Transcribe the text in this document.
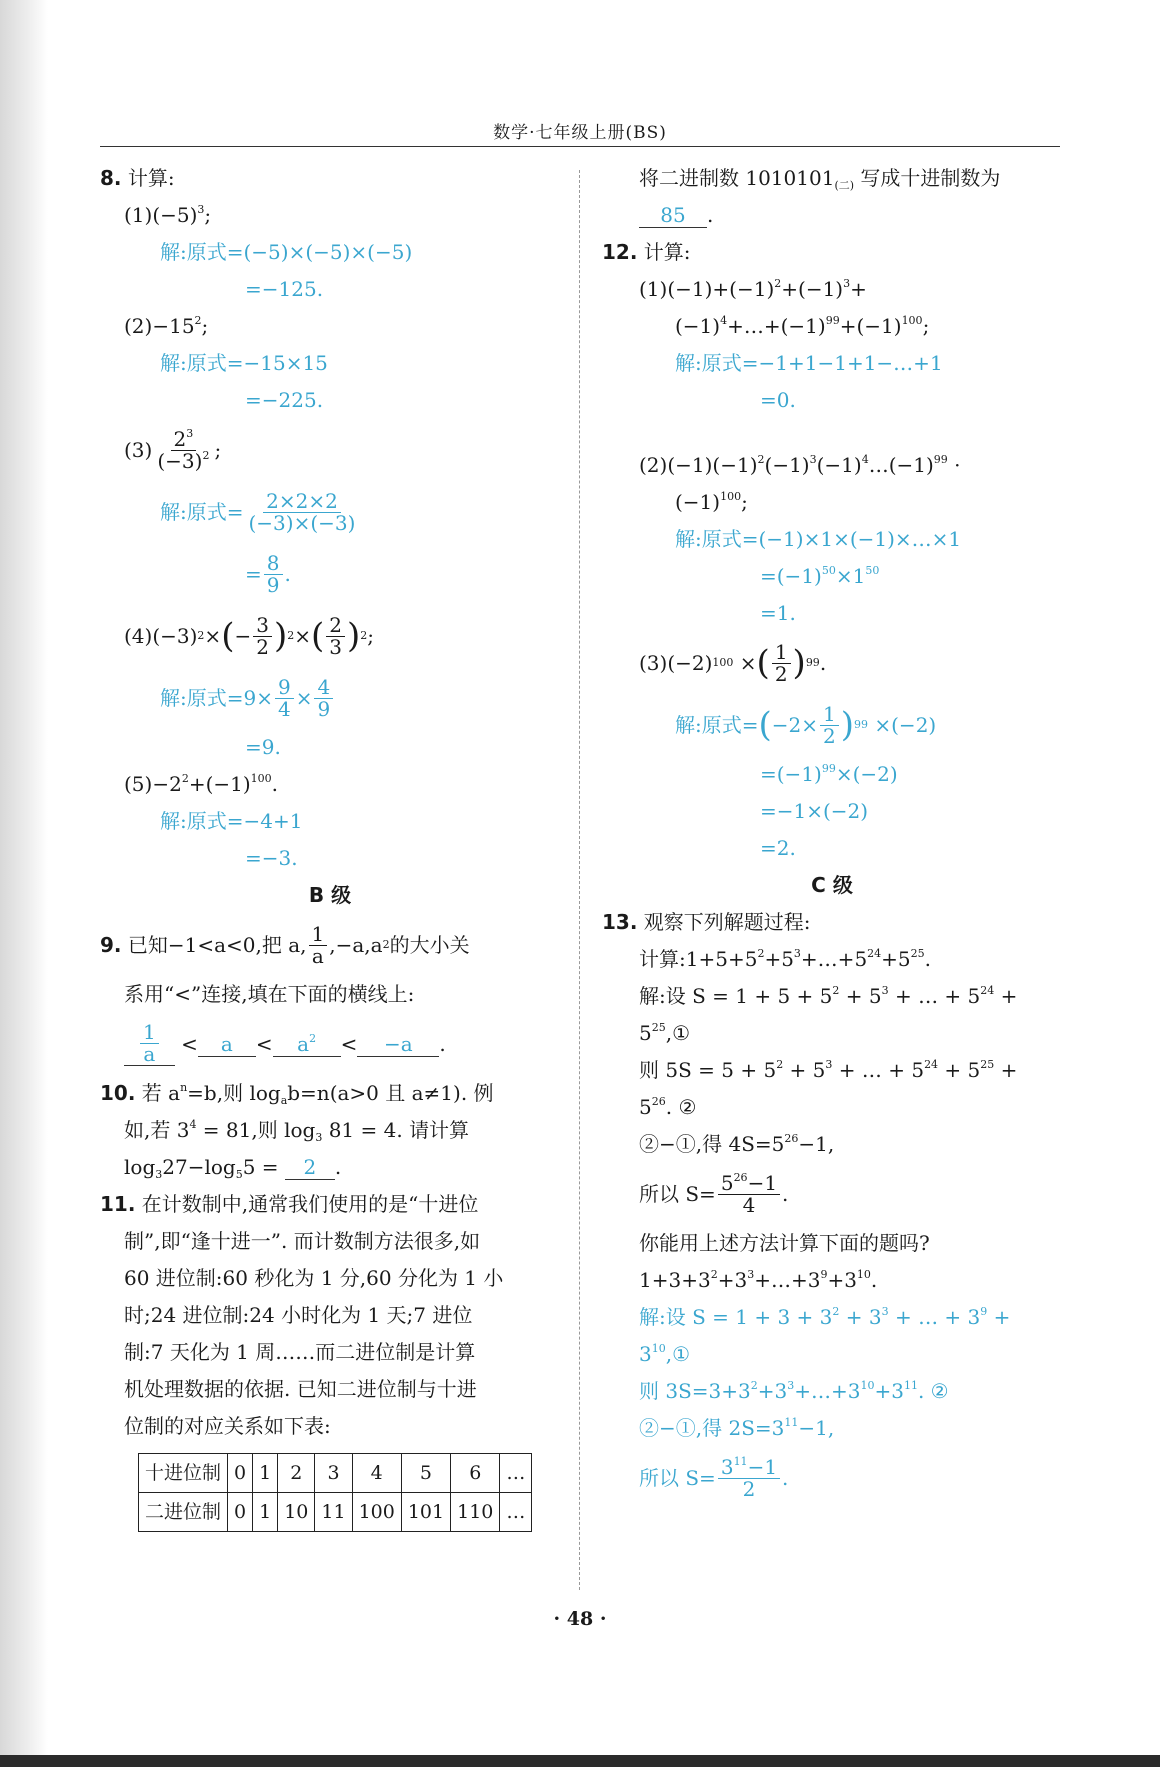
数学·七年级上册(BS)
8. 计算:
$(1)(-5)^3$;
解:原式=(−5)×(−5)×(−5)
=−125.
$(2)-15^2$;
解:原式=−15×15
=−225.
$(3) \frac{2^3}{(-3)^2}$ ;
解:原式= $\frac{2\times 2\times 2}{(-3)\times(-3)}$
= $\frac{8}{9}$ .
(4)(−3) 2 × ( − $\frac{3}{2}$ ) 2 × ( $\frac{2}{3}$ ) 2 ;
解:原式$=9\times \frac{9}{4} \times \frac{4}{9}$
=9.
$(5)-2^2+(-1)^{100}$.
解:原式=−4+1
=−3.
B 级
9.
已知−1<a<0,把 a, $\frac{1}{a} ,-a,a$ 2 的大小关
系用“<”连接,填在下面的横线上:
$\frac{1}{a}$
<	a	<	$a^2$	<	−a	.
10. 若 $a^n=b$,则 $\log_ab=n(a>0$ 且 a≠1). 例
如,若 $3^4 = 81$,则 $\log_3 81 = 4$. 请计算
$\log_327-\log_55 = 2$ .
11. 在计数制中,通常我们使用的是“十进位
制”,即“逢十进一”. 而计数制方法很多,如
60 进位制:60 秒化为 1 分,60 分化为 1 小
时;24 进位制:24 小时化为 1 天;7 进位
制:7 天化为 1 周……而二进位制是计算
机处理数据的依据. 已知二进位制与十进
位制的对应关系如下表:
十进位制	0	1	2	3	4	5	6	…
二进位制	0	1	10	11	100	101	110	…
将二进制数 $1010101_{(二)}$ 写成十进制数为
85 .
12. 计算:
$(1)(-1)+(-1)^2+(-1)^3+$
$(-1)^4+\dots+(-1)^{99}+(-1)^{100}$;
解:原式=−1+1−1+1−…+1
=0.
$(2)(-1)(-1)^2(-1)^3(-1)^4\dots(-1)^{99}$ ·
$(-1)^{100}$;
解:原式=(−1)×1×(−1)×…×1
$=(-1)^{50}\times 1^{50}$
=1.
(3)(−2) 100
× ( $\frac{1}{2}$ ) 99 .
解:原式= ( $-2\times \frac{1}{2}$ ) 99
×(−2)
$=(-1)^{99}\times(-2)$
=−1×(−2)
=2.
C 级
13. 观察下列解题过程:
计算$:1+5+5^2+5^3+\dots+5^{24}+5^{25}$.
解:设 $S = 1 + 5 + 5^2 + 5^3$ + … + $5^{24}$ +
$5^{25},①$
则 $5S = 5 + 5^2 + 5^3$ + … + $5^{24} + 5^{25}$ +
$5^{26}$. ②
②−①,得 $4S=5^{26}-1$,
所以 $S= \frac{5^{26}-1}{4}$ .
你能用上述方法计算下面的题吗?
$1+3+3^2+3^3+\dots+3^9+3^{10}$.
解:设 $S = 1 + 3 + 3^2 + 3^3$ + … + $3^9$ +
$3^{10},①$
则 $3S=3+3^2+3^3+\dots+3^{10}+3^{11}$. ②
②−①,得 $2S=3^{11}-1$,
所以 $S= \frac{3^{11}-1}{2}$ .
· 48 ·
